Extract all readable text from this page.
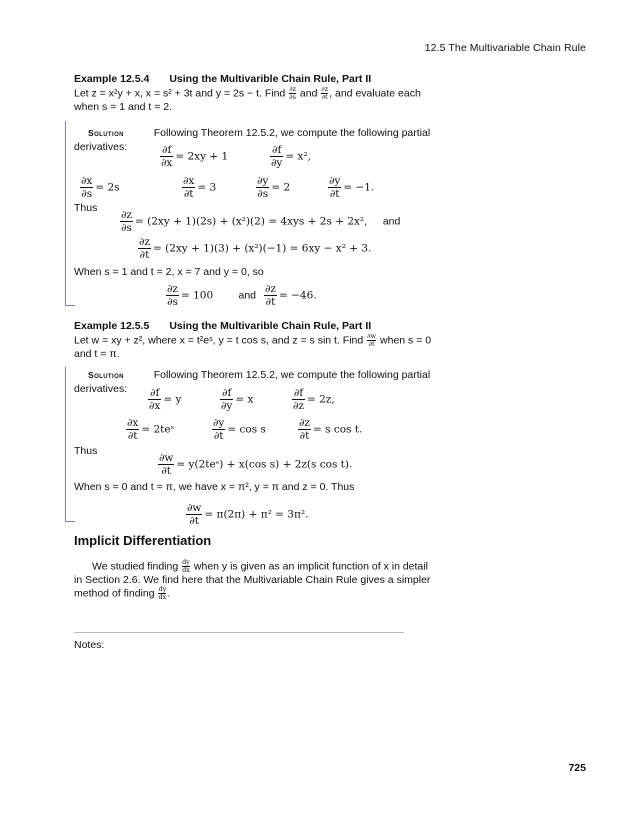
12.5 The Multivariable Chain Rule
Example 12.5.4 Using the Multivarible Chain Rule, Part II
Let z = x²y + x, x = s² + 3t and y = 2s − t. Find $\frac{\partial z}{\partial s}$ and $\frac{\partial z}{\partial t}$ , and evaluate each
when s = 1 and t = 2.
Solution	Following Theorem 12.5.2, we compute the following partial
derivatives:	$\frac{\partial f}{\partial x} = 2xy + 1$	$\frac{\partial f}{\partial y} = x^2$,
$\frac{\partial x}{\partial s} = 2s$	$\frac{\partial x}{\partial t} = 3$	$\frac{\partial y}{\partial s} = 2$	$\frac{\partial y}{\partial t} = -1$.
Thus
$\frac{\partial z}{\partial s} = (2xy + 1)(2s) + (x^2)(2) = 4xys + 2s + 2x^2$, and
$\frac{\partial z}{\partial t} = (2xy + 1)(3) + (x^2)(-1) = 6xy - x^2 + 3$.
When s = 1 and t = 2, x = 7 and y = 0, so
$\frac{\partial z}{\partial s} = 100$ and $\frac{\partial z}{\partial t} = -46$.
Example 12.5.5 Using the Multivarible Chain Rule, Part II
Let w = xy + z², where x = t²eˢ, y = t cos s, and z = s sin t. Find $\frac{\partial w}{\partial t}$ when s = 0
and t = π.
Solution	Following Theorem 12.5.2, we compute the following partial
derivatives: $\frac{\partial f}{\partial x} = y$	$\frac{\partial f}{\partial y} = x$	$\frac{\partial f}{\partial z} = 2z$,
$\frac{\partial x}{\partial t}$ = 2teˢ	$\frac{\partial y}{\partial t} = \cos s$	$\frac{\partial z}{\partial t} = s$ cos t.
Thus
$\frac{\partial w}{\partial t}$ = y(2teˢ) + x(cos s) + 2z(s cos t).
When s = 0 and t = π, we have x = π², y = π and z = 0. Thus
$\frac{\partial w}{\partial t} = \pi(2\pi) + \pi^2 = 3\pi^2$.
Implicit Differentiation
We studied finding $\frac{dy}{dx}$ when y is given as an implicit function of x in detail
in Section 2.6. We find here that the Multivariable Chain Rule gives a simpler
method of finding $\frac{dy}{dx}$ .
Notes:
725
